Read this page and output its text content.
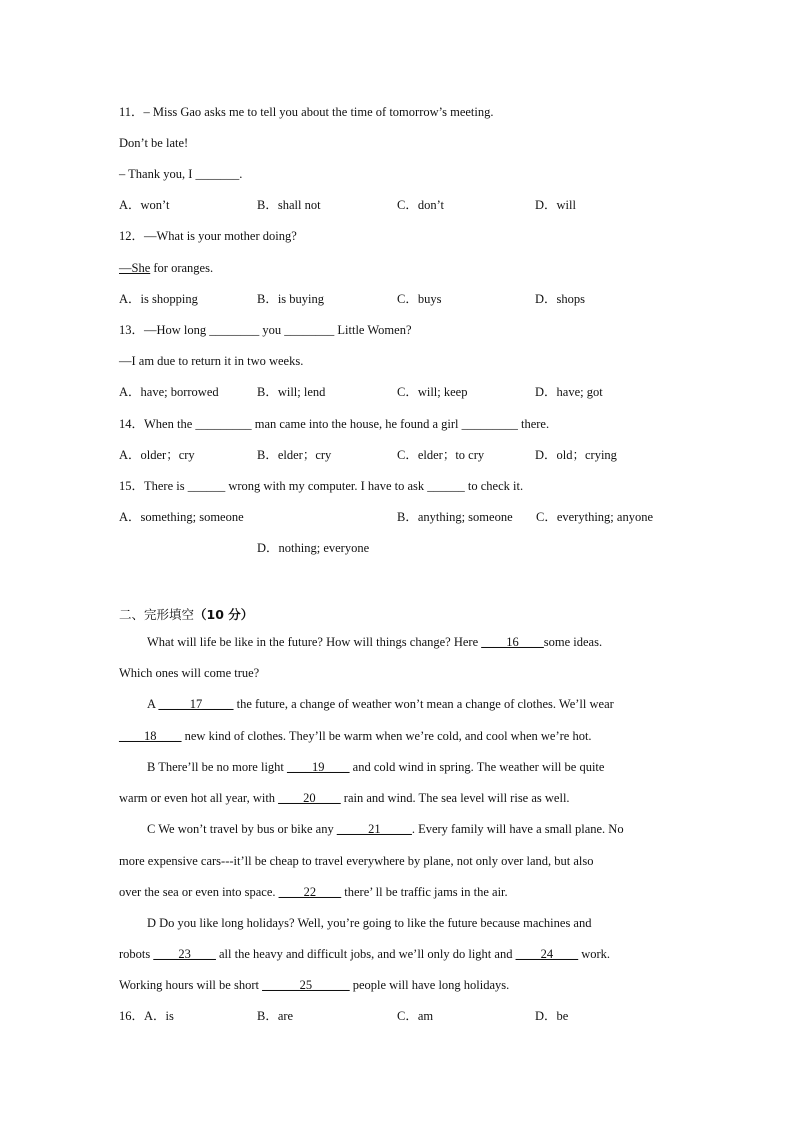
11．– Miss Gao asks me to tell you about the time of tomorrow’s meeting.
Don’t be late!
– Thank you, I _______.
A．won’t	B．shall not	C．don’t	D．will
12．—What is your mother doing?
—She for oranges.
A．is shopping	B．is buying	C．buys	D．shops
13．—How long ________ you ________ Little Women?
—I am due to return it in two weeks.
A．have; borrowed	B．will; lend	C．will; keep	D．have; got
14．When the _________ man came into the house, he found a girl _________ there.
A．older；cry	B．elder；cry	C．elder；to cry	D．old；crying
15．There is ______ wrong with my computer. I have to ask ______ to check it.
A．something; someone	B．anything; someone C．everything; anyone
D．nothing; everyone
二、完形填空（10 分）
What will life be like in the future? How will things change? Here ____16____some ideas.
Which ones will come true?
A _____17_____ the future, a change of weather won’t mean a change of clothes. We’ll wear
____18____ new kind of clothes. They’ll be warm when we’re cold, and cool when we’re hot.
B There’ll be no more light ____19____ and cold wind in spring. The weather will be quite
warm or even hot all year, with ____20____ rain and wind. The sea level will rise as well.
C We won’t travel by bus or bike any _____21_____. Every family will have a small plane. No
more expensive cars---it’ll be cheap to travel everywhere by plane, not only over land, but also
over the sea or even into space. ____22____ there’ ll be traffic jams in the air.
D Do you like long holidays? Well, you’re going to like the future because machines and
robots ____23____ all the heavy and difficult jobs, and we’ll only do light and ____24____ work.
Working hours will be short ______25______ people will have long holidays.
16．A．is	B．are	C．am	D．be
